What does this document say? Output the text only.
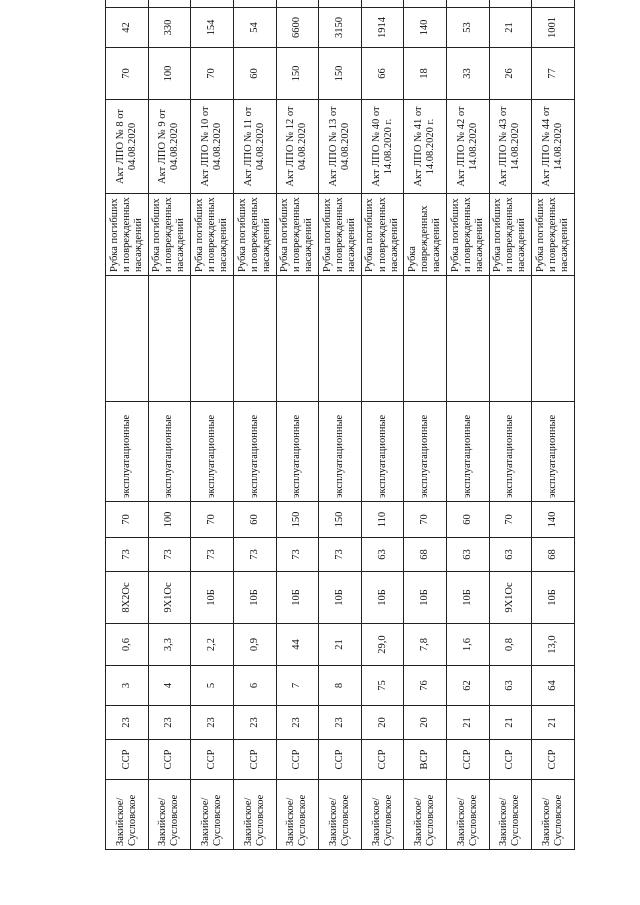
Закийское/ Сусловское	ССР	23	3	0,6	8Х2Ос	73	70	эксплуатационные		Рубка погибших и поврежденных насаждений	Акт ЛПО № 8 от 04.08.2020	70	42	
Закийское/ Сусловское	ССР	23	4	3,3	9Х1Ос	73	100	эксплуатационные		Рубка погибших и поврежденных насаждений	Акт ЛПО № 9 от 04.08.2020	100	330	
Закийское/ Сусловское	ССР	23	5	2,2	10Б	73	70	эксплуатационные		Рубка погибших и поврежденных насаждений	Акт ЛПО № 10 от 04.08.2020	70	154	
Закийское/ Сусловское	ССР	23	6	0,9	10Б	73	60	эксплуатационные		Рубка погибших и поврежденных насаждений	Акт ЛПО № 11 от 04.08.2020	60	54	
Закийское/ Сусловское	ССР	23	7	44	10Б	73	150	эксплуатационные		Рубка погибших и поврежденных насаждений	Акт ЛПО № 12 от 04.08.2020	150	6600	
Закийское/ Сусловское	ССР	23	8	21	10Б	73	150	эксплуатационные		Рубка погибших и поврежденных насаждений	Акт ЛПО № 13 от 04.08.2020	150	3150	
Закийское/ Сусловское	ССР	20	75	29,0	10Б	63	110	эксплуатационные		Рубка погибших и поврежденных насаждений	Акт ЛПО № 40 от 14.08.2020 г.	66	1914	
Закийское/ Сусловское	ВСР	20	76	7,8	10Б	68	70	эксплуатационные		Рубка поврежденных насаждений	Акт ЛПО № 41 от 14.08.2020 г.	18	140	
Закийское/ Сусловское	ССР	21	62	1,6	10Б	63	60	эксплуатационные		Рубка погибших и поврежденных насаждений	Акт ЛПО № 42 от 14.08.2020	33	53	
Закийское/ Сусловское	ССР	21	63	0,8	9Х1Ос	63	70	эксплуатационные		Рубка погибших и поврежденных насаждений	Акт ЛПО № 43 от 14.08.2020	26	21	
Закийское/ Сусловское	ССР	21	64	13,0	10Б	68	140	эксплуатационные		Рубка погибших и поврежденных насаждений	Акт ЛПО № 44 от 14.08.2020	77	1001	
